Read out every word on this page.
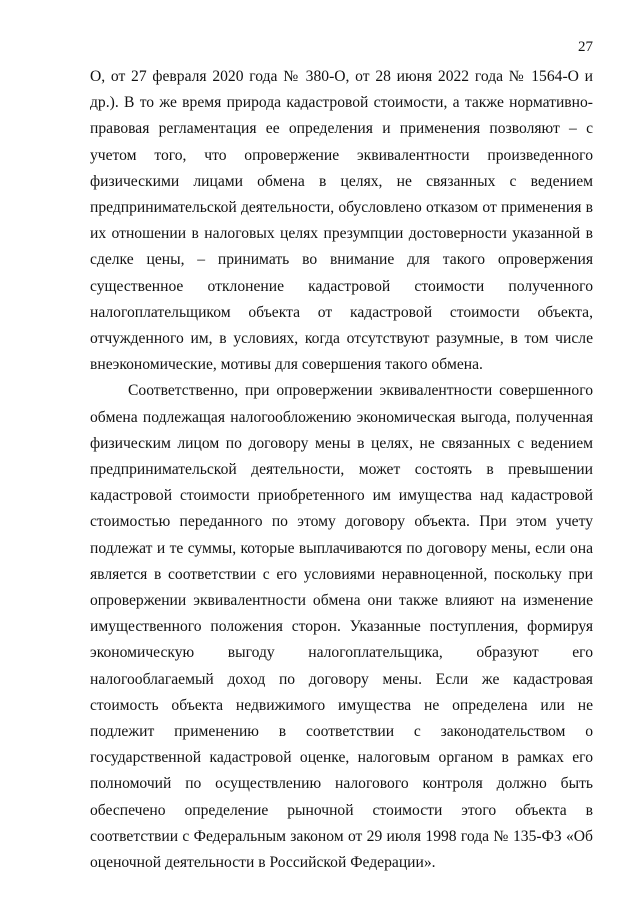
27

О, от 27 февраля 2020 года № 380-О, от 28 июня 2022 года № 1564-О и др.). В то же время природа кадастровой стоимости, а также нормативно-правовая регламентация ее определения и применения позволяют – с учетом того, что опровержение эквивалентности произведенного физическими лицами обмена в целях, не связанных с ведением предпринимательской деятельности, обусловлено отказом от применения в их отношении в налоговых целях презумпции достоверности указанной в сделке цены, – принимать во внимание для такого опровержения существенное отклонение кадастровой стоимости полученного налогоплательщиком объекта от кадастровой стоимости объекта, отчужденного им, в условиях, когда отсутствуют разумные, в том числе внеэкономические, мотивы для совершения такого обмена.

Соответственно, при опровержении эквивалентности совершенного обмена подлежащая налогообложению экономическая выгода, полученная физическим лицом по договору мены в целях, не связанных с ведением предпринимательской деятельности, может состоять в превышении кадастровой стоимости приобретенного им имущества над кадастровой стоимостью переданного по этому договору объекта. При этом учету подлежат и те суммы, которые выплачиваются по договору мены, если она является в соответствии с его условиями неравноценной, поскольку при опровержении эквивалентности обмена они также влияют на изменение имущественного положения сторон. Указанные поступления, формируя экономическую выгоду налогоплательщика, образуют его налогооблагаемый доход по договору мены. Если же кадастровая стоимость объекта недвижимого имущества не определена или не подлежит применению в соответствии с законодательством о государственной кадастровой оценке, налоговым органом в рамках его полномочий по осуществлению налогового контроля должно быть обеспечено определение рыночной стоимости этого объекта в соответствии с Федеральным законом от 29 июля 1998 года № 135-ФЗ «Об оценочной деятельности в Российской Федерации».
